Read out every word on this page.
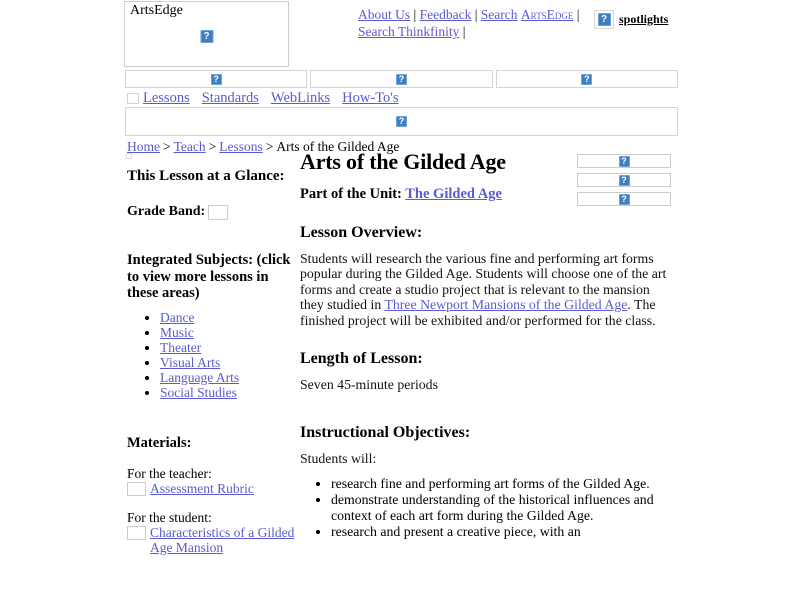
ArtsEdge
?	About Us | Feedback | Search ArtsEdge | Search Thinkfinity |
?
spotlights
?
?
?
Lessons Standards WebLinks How-To's
?
Home > Teach > Lessons > Arts of the Gilded Age
This Lesson at a Glance:
Grade Band:
Integrated Subjects: (click to view more lessons in these areas)
• Dance
• Music
• Theater
• Visual Arts
• Language Arts
• Social Studies
Materials:
For the teacher:
Assessment Rubric
For the student:
Characteristics of a Gilded Age Mansion
Arts of the Gilded Age
Part of the Unit: The Gilded Age
Lesson Overview:

Students will research the various fine and performing art forms popular during the Gilded Age. Students will choose one of the art forms and create a studio project that is relevant to the mansion they studied in Three Newport Mansions of the Gilded Age. The finished project will be exhibited and/or performed for the class.

Length of Lesson:

Seven 45-minute periods

Instructional Objectives:

Students will:

• research fine and performing art forms of the Gilded Age.
• demonstrate understanding of the historical influences and context of each art form during the Gilded Age.
• research and present a creative piece, with an
?
?
?
